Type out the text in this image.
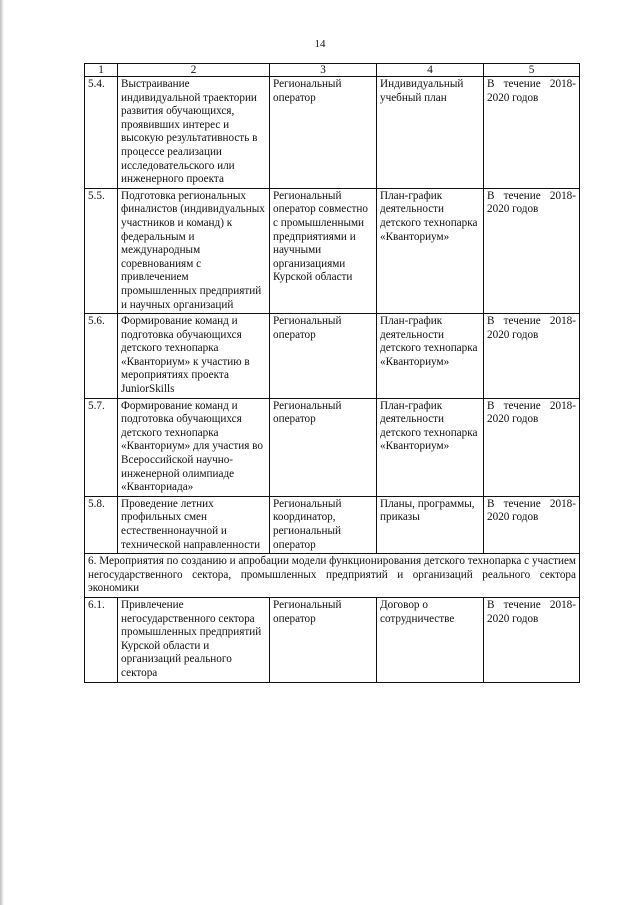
14
1	2	3	4	5
5.4.	Выстраивание индивидуальной траектории развития обучающихся, проявивших интерес и высокую результативность в процессе реализации исследовательского или инженерного проекта	Региональный оператор	Индивидуальный учебный план	В течение 2018-2020 годов
5.5.	Подготовка региональных финалистов (индивидуальных участников и команд) к федеральным и международным соревнованиям с привлечением промышленных предприятий и научных организаций	Региональный оператор совместно с промышленными предприятиями и научными организациями Курской области	План-график деятельности детского технопарка «Кванториум»	В течение 2018-2020 годов
5.6.	Формирование команд и подготовка обучающихся детского технопарка «Кванториум» к участию в мероприятиях проекта JuniorSkills	Региональный оператор	План-график деятельности детского технопарка «Кванториум»	В течение 2018-2020 годов
5.7.	Формирование команд и подготовка обучающихся детского технопарка «Кванториум» для участия во Всероссийской научно-инженерной олимпиаде «Кванториада»	Региональный оператор	План-график деятельности детского технопарка «Кванториум»	В течение 2018-2020 годов
5.8.	Проведение летних профильных смен естественнонаучной и технической направленности	Региональный координатор, региональный оператор	Планы, программы, приказы	В течение 2018-2020 годов
6. Мероприятия по созданию и апробации модели функционирования детского технопарка с участием негосударственного сектора, промышленных предприятий и организаций реального сектора экономики				
6.1.	Привлечение негосударственного сектора промышленных предприятий Курской области и организаций реального сектора	Региональный оператор	Договор о сотрудничестве	В течение 2018-2020 годов
